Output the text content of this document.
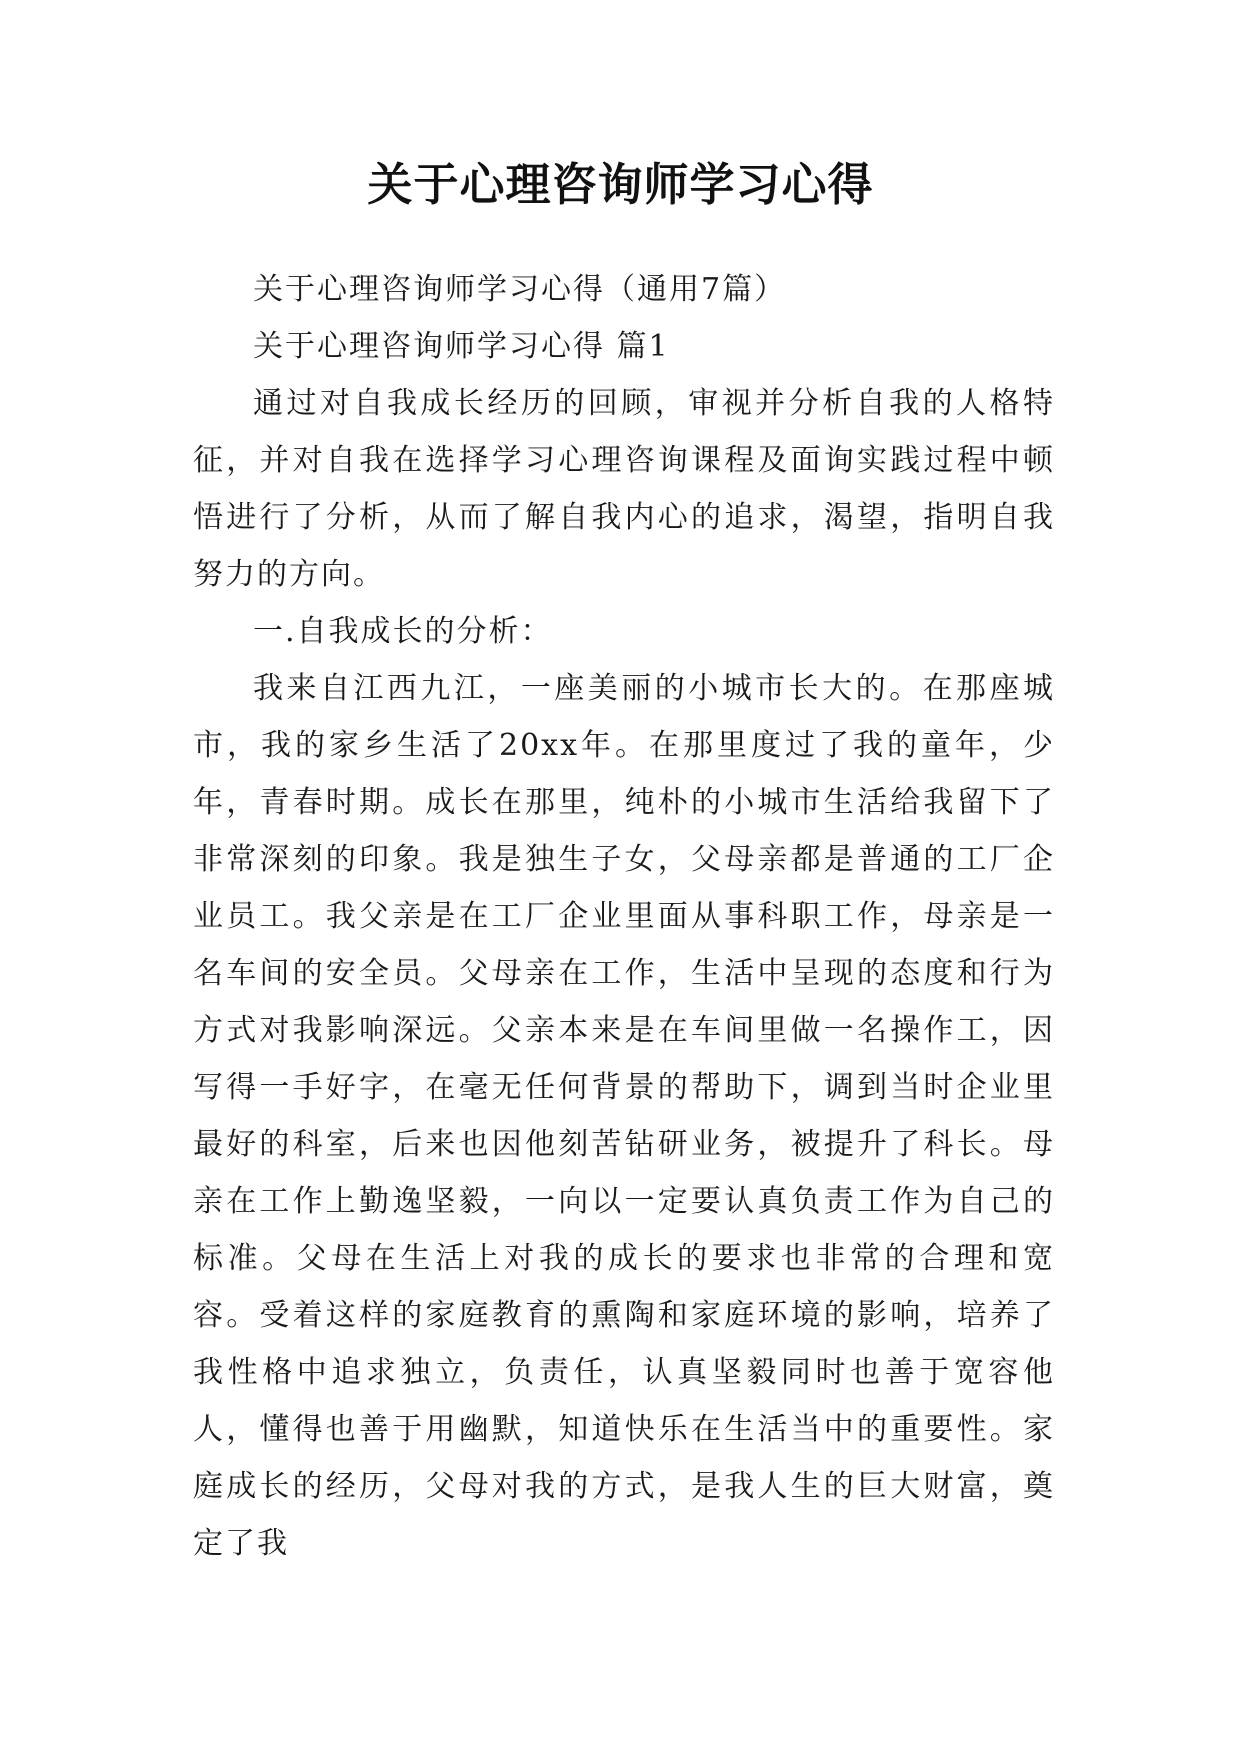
关于心理咨询师学习心得

关于心理咨询师学习心得（通用7篇）

关于心理咨询师学习心得 篇1

通过对自我成长经历的回顾，审视并分析自我的人格特征，并对自我在选择学习心理咨询课程及面询实践过程中顿悟进行了分析，从而了解自我内心的追求，渴望，指明自我努力的方向。

一.自我成长的分析：

我来自江西九江，一座美丽的小城市长大的。在那座城市，我的家乡生活了20xx年。在那里度过了我的童年，少年，青春时期。成长在那里，纯朴的小城市生活给我留下了非常深刻的印象。我是独生子女，父母亲都是普通的工厂企业员工。我父亲是在工厂企业里面从事科职工作，母亲是一名车间的安全员。父母亲在工作，生活中呈现的态度和行为方式对我影响深远。父亲本来是在车间里做一名操作工，因写得一手好字，在毫无任何背景的帮助下，调到当时企业里最好的科室，后来也因他刻苦钻研业务，被提升了科长。母亲在工作上勤逸坚毅，一向以一定要认真负责工作为自己的标准。父母在生活上对我的成长的要求也非常的合理和宽容。受着这样的家庭教育的熏陶和家庭环境的影响，培养了我性格中追求独立，负责任，认真坚毅同时也善于宽容他人，懂得也善于用幽默，知道快乐在生活当中的重要性。家庭成长的经历，父母对我的方式，是我人生的巨大财富，奠定了我
